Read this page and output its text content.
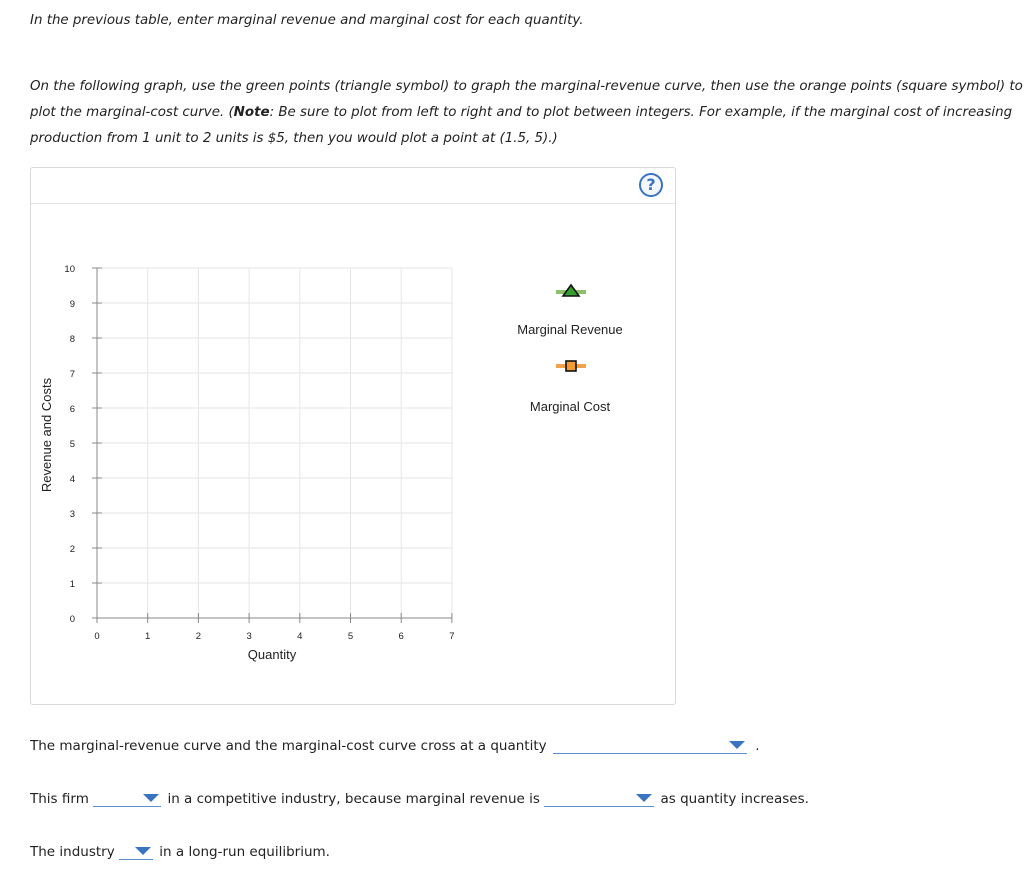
In the previous table, enter marginal revenue and marginal cost for each quantity.
On the following graph, use the green points (triangle symbol) to graph the marginal-revenue curve, then use the orange points (square symbol) to
plot the marginal-cost curve. (Note: Be sure to plot from left to right and to plot between integers. For example, if the marginal cost of increasing
production from 1 unit to 2 units is $5, then you would plot a point at (1.5, 5).)
?
0	1	2	3	4	5	6	7
0
1
2
3
4
5
6
7
8
9
10
Quantity
Revenue and Costs
Marginal Revenue
Marginal Cost
The marginal-revenue curve and the marginal-cost curve cross at a quantity	.
This firm	in a competitive industry, because marginal revenue is	as quantity increases.
The industry	in a long-run equilibrium.
